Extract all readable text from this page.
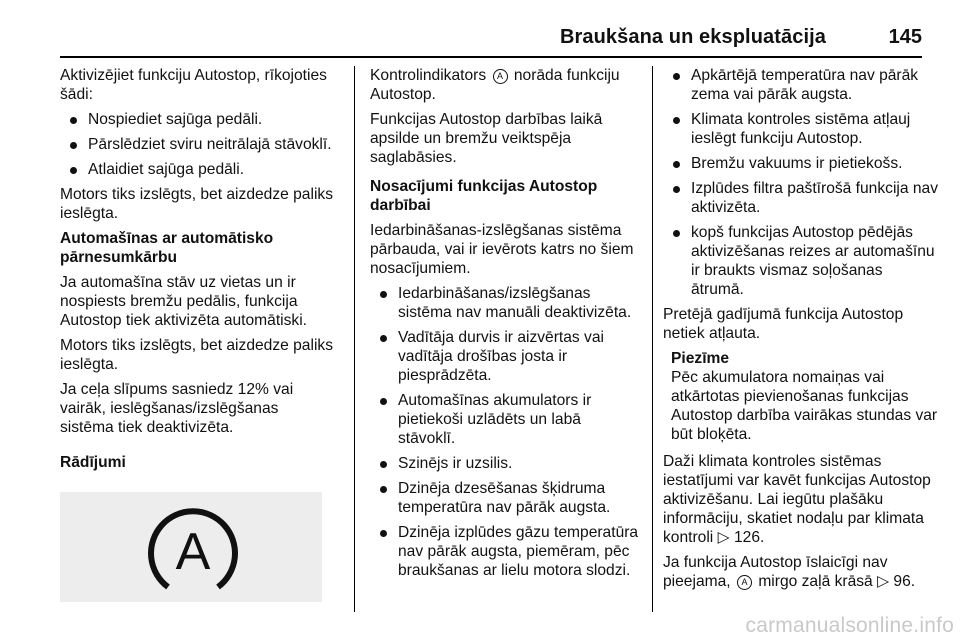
Braukšana un ekspluatācija	145

Aktivizējiet funkciju Autostop, rīkojoties šādi:

Nospiediet sajūga pedāli.
Pārslēdziet sviru neitrālajā stāvoklī.
Atlaidiet sajūga pedāli.

Motors tiks izslēgts, bet aizdedze paliks ieslēgta.

Automašīnas ar automātisko pārnesumkārbu

Ja automašīna stāv uz vietas un ir nospiests bremžu pedālis, funkcija Autostop tiek aktivizēta automātiski.

Motors tiks izslēgts, bet aizdedze paliks ieslēgta.

Ja ceļa slīpums sasniedz 12% vai vairāk, ieslēgšanas/izslēgšanas sistēma tiek deaktivizēta.

Rādījumi

A

Kontrolindikators A norāda funkciju Autostop.

Funkcijas Autostop darbības laikā apsilde un bremžu veiktspēja saglabāsies.

Nosacījumi funkcijas Autostop darbībai

Iedarbināšanas-izslēgšanas sistēma pārbauda, vai ir ievērots katrs no šiem nosacījumiem.

Iedarbināšanas/izslēgšanas sistēma nav manuāli deaktivizēta.
Vadītāja durvis ir aizvērtas vai vadītāja drošības josta ir piesprādzēta.
Automašīnas akumulators ir pietiekoši uzlādēts un labā stāvoklī.
Szinējs ir uzsilis.
Dzinēja dzesēšanas šķidruma temperatūra nav pārāk augsta.
Dzinēja izplūdes gāzu temperatūra nav pārāk augsta, piemēram, pēc braukšanas ar lielu motora slodzi.
Apkārtējā temperatūra nav pārāk zema vai pārāk augsta.
Klimata kontroles sistēma atļauj ieslēgt funkciju Autostop.
Bremžu vakuums ir pietiekošs.
Izplūdes filtra paštīrošā funkcija nav aktivizēta.
kopš funkcijas Autostop pēdējās aktivizēšanas reizes ar automašīnu ir braukts vismaz soļošanas ātrumā.

Pretējā gadījumā funkcija Autostop netiek atļauta.

Piezīme
Pēc akumulatora nomaiņas vai atkārtotas pievienošanas funkcijas Autostop darbība vairākas stundas var būt bloķēta.

Daži klimata kontroles sistēmas iestatījumi var kavēt funkcijas Autostop aktivizēšanu. Lai iegūtu plašāku informāciju, skatiet nodaļu par klimata kontroli ▷ 126.

Ja funkcija Autostop īslaicīgi nav pieejama, A mirgo zaļā krāsā ▷ 96.

carmanualsonline.info
